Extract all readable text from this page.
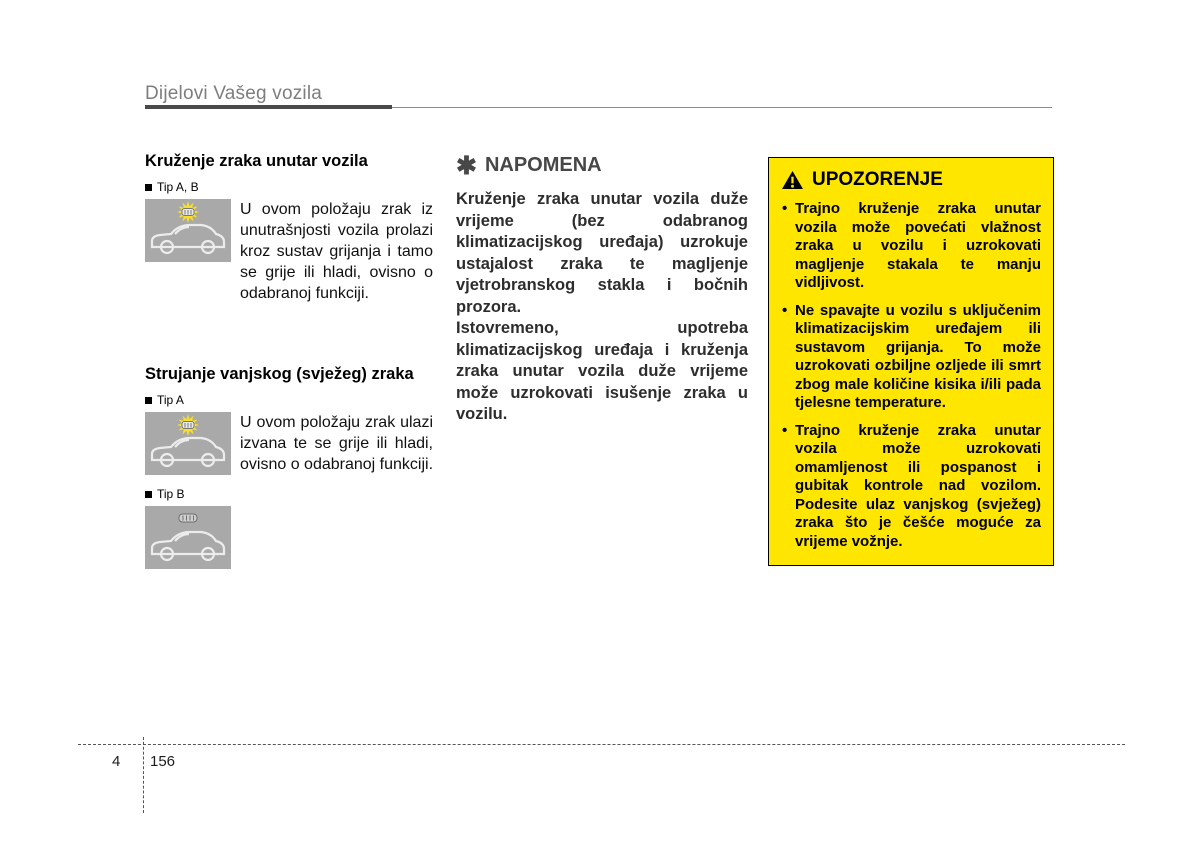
Dijelovi Vašeg vozila
Kruženje zraka unutar vozila
Tip A, B

U ovom položaju zrak iz unutrašnjosti vozila prolazi kroz sustav grijanja i tamo se grije ili hladi, ovisno o odabranoj funkciji.

Strujanje vanjskog (svježeg) zraka
Tip A
Tip B

U ovom položaju zrak ulazi izvana te se grije ili hladi, ovisno o odabranoj funkciji.

✱ NAPOMENA

Kruženje zraka unutar vozila duže vrijeme (bez odabranog klimatizacijskog uređaja) uzrokuje ustajalost zraka te magljenje vjetrobranskog stakla i bočnih prozora.

Istovremeno, upotreba klimatizacijskog uređaja i kruženja zraka unutar vozila duže vrijeme može uzrokovati isušenje zraka u vozilu.

UPOZORENJE
• Trajno kruženje zraka unutar vozila može povećati vlažnost zraka u vozilu i uzrokovati magljenje stakala te manju vidljivost.
• Ne spavajte u vozilu s uključenim klimatizacijskim uređajem ili sustavom grijanja. To može uzrokovati ozbiljne ozljede ili smrt zbog male količine kisika i/ili pada tjelesne temperature.
• Trajno kruženje zraka unutar vozila može uzrokovati omamljenost ili pospanost i gubitak kontrole nad vozilom. Podesite ulaz vanjskog (svježeg) zraka što je češće moguće za vrijeme vožnje.
4 156
